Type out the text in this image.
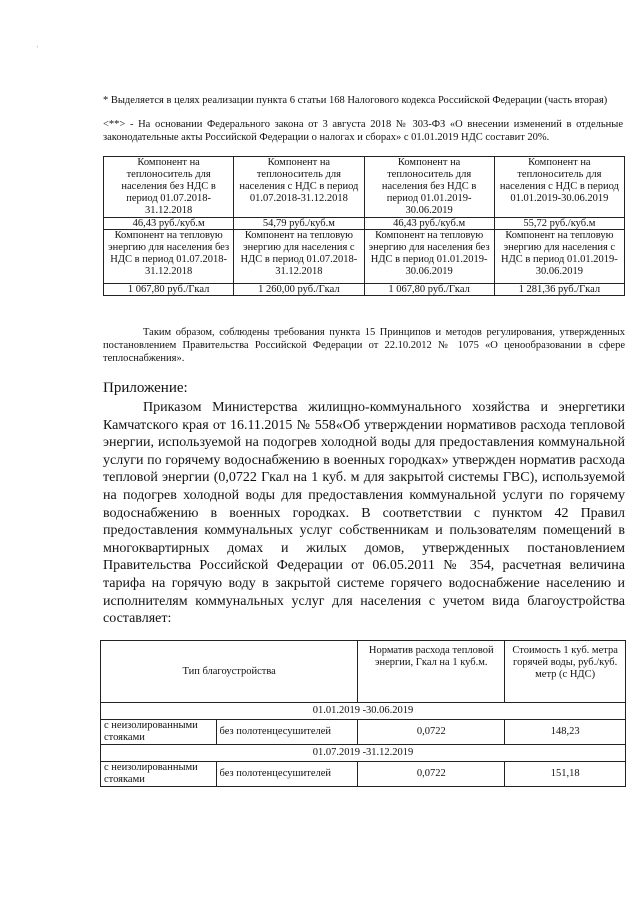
‘
* Выделяется в целях реализации пункта 6 статьи 168 Налогового кодекса Российской Федерации (часть вторая)
<**> - На основании Федерального закона от 3 августа 2018 № 303-ФЗ «О внесении изменений в отдельные законодательные акты Российской Федерации о налогах и сборах» с 01.01.2019 НДС составит 20%.
Компонент на теплоноситель для населения без НДС в период 01.07.2018-31.12.2018	Компонент на теплоноситель для населения с НДС в период 01.07.2018-31.12.2018	Компонент на теплоноситель для населения без НДС в период 01.01.2019-30.06.2019	Компонент на теплоноситель для населения с НДС в период 01.01.2019-30.06.2019
46,43 руб./куб.м	54,79 руб./куб.м	46,43 руб./куб.м	55,72 руб./куб.м
Компонент на тепловую энергию для населения без НДС в период 01.07.2018-31.12.2018	Компонент на тепловую энергию для населения с НДС в период 01.07.2018-31.12.2018	Компонент на тепловую энергию для населения без НДС в период 01.01.2019-30.06.2019	Компонент на тепловую энергию для населения с НДС в период 01.01.2019-30.06.2019
1 067,80 руб./Гкал	1 260,00 руб./Гкал	1 067,80 руб./Гкал	1 281,36 руб./Гкал
Таким образом, соблюдены требования пункта 15 Принципов и методов регулирования, утвержденных постановлением Правительства Российской Федерации от 22.10.2012 № 1075 «О ценообразовании в сфере теплоснабжения».
Приложение:
Приказом Министерства жилищно-коммунального хозяйства и энергетики Камчатского края от 16.11.2015 № 558«Об утверждении нормативов расхода тепловой энергии, используемой на подогрев холодной воды для предоставления коммунальной услуги по горячему водоснабжению в военных городках» утвержден норматив расхода тепловой энергии (0,0722 Гкал на 1 куб. м для закрытой системы ГВС), используемой на подогрев холодной воды для предоставления коммунальной услуги по горячему водоснабжению в военных городках. В соответствии с пунктом 42 Правил предоставления коммунальных услуг собственникам и пользователям помещений в многоквартирных домах и жилых домов, утвержденных постановлением Правительства Российской Федерации от 06.05.2011 № 354, расчетная величина тарифа на горячую воду в закрытой системе горячего водоснабжение населению и исполнителям коммунальных услуг для населения с учетом вида благоустройства составляет:
Тип благоустройства		Норматив расхода тепловой энергии, Гкал на 1 куб.м.	Стоимость 1 куб. метра горячей воды, руб./куб. метр (с НДС)
01.01.2019 -30.06.2019			
с неизолированными стояками	без полотенцесушителей	0,0722	148,23
01.07.2019 -31.12.2019			
с неизолированными стояками	без полотенцесушителей	0,0722	151,18
